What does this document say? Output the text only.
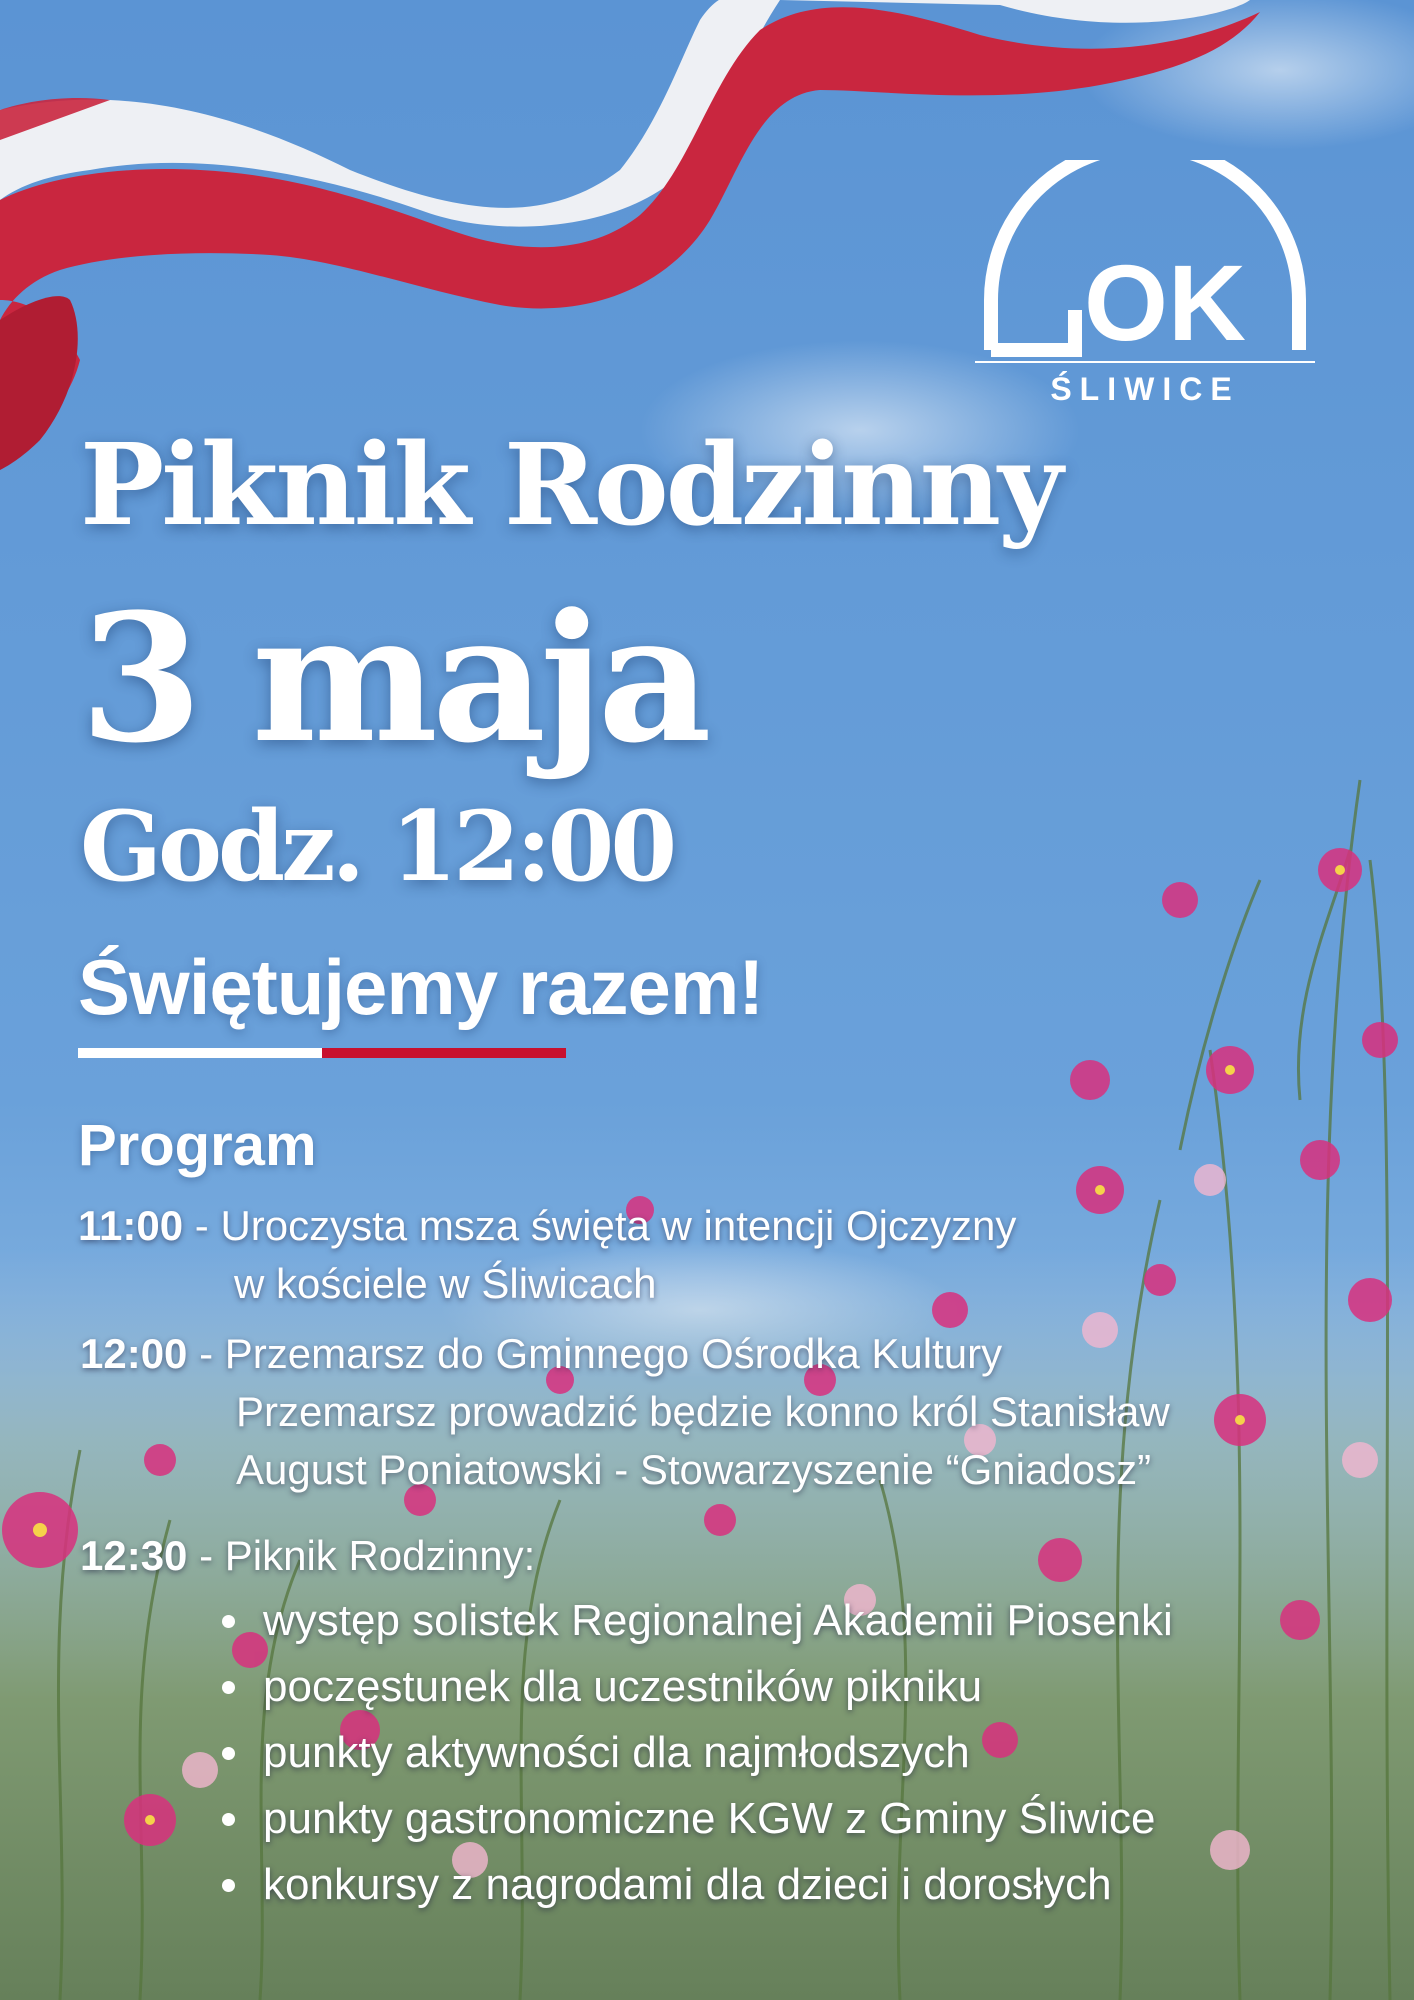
OK
ŚLIWICE
Piknik Rodzinny
3 maja
Godz. 12:00
Świętujemy razem!
Program
11:00 - Uroczysta msza święta w intencji Ojczyzny
w kościele w Śliwicach
12:00 - Przemarsz do Gminnego Ośrodka Kultury
Przemarsz prowadzić będzie konno król Stanisław
August Poniatowski - Stowarzyszenie “Gniadosz”
12:30 - Piknik Rodzinny:
• występ solistek Regionalnej Akademii Piosenki
• poczęstunek dla uczestników pikniku
• punkty aktywności dla najmłodszych
• punkty gastronomiczne KGW z Gminy Śliwice
• konkursy z nagrodami dla dzieci i dorosłych
